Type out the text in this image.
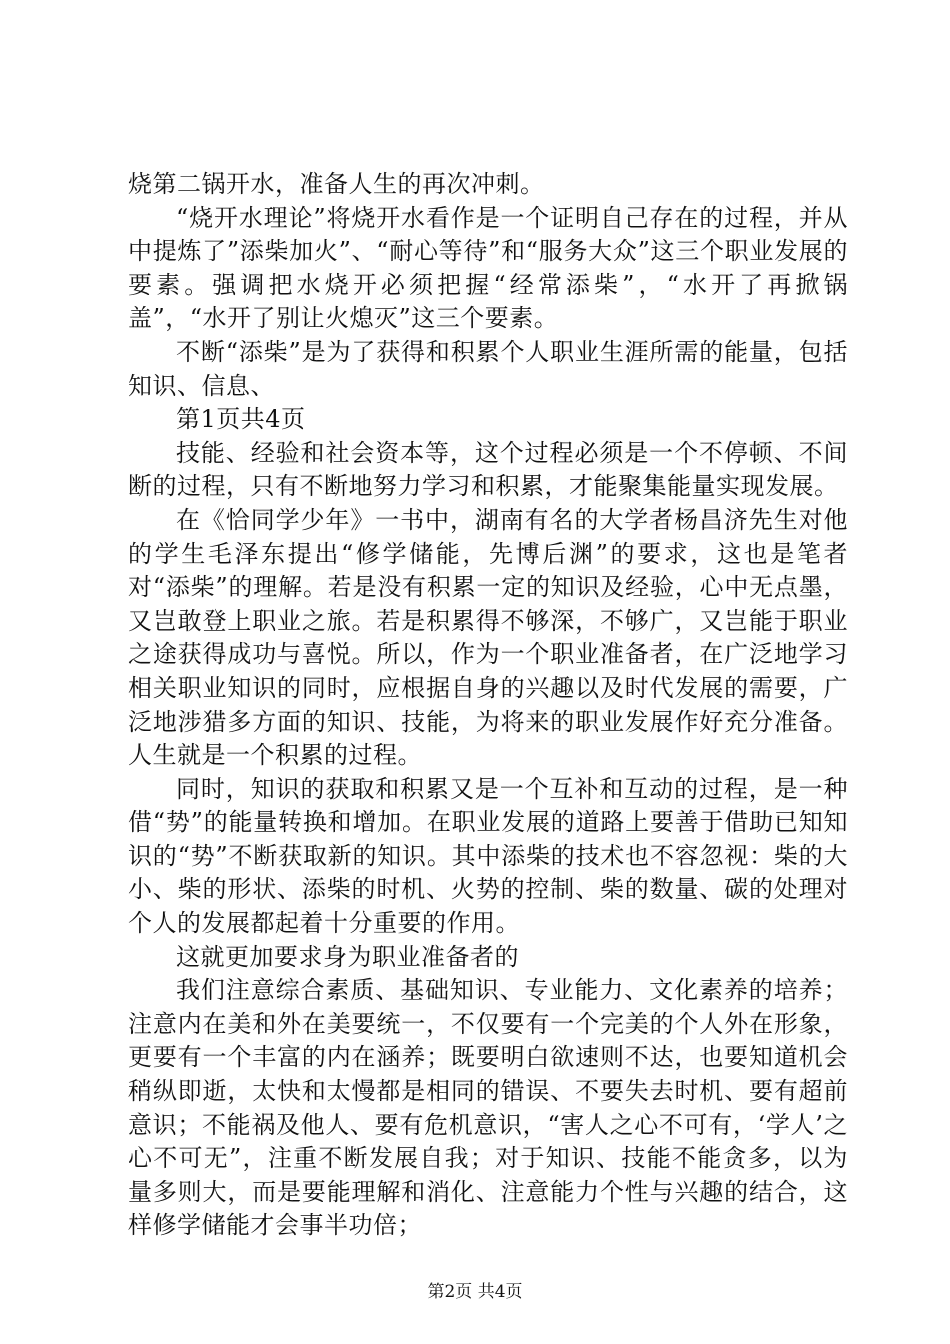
烧第二锅开水，准备人生的再次冲刺。

“烧开水理论”将烧开水看作是一个证明自己存在的过程，并从中提炼了”添柴加火”、“耐心等待”和“服务大众”这三个职业发展的要素。强调把水烧开必须把握“经常添柴”，“水开了再掀锅盖”，“水开了别让火熄灭”这三个要素。

不断“添柴”是为了获得和积累个人职业生涯所需的能量，包括知识、信息、

第1页共4页

技能、经验和社会资本等，这个过程必须是一个不停顿、不间断的过程，只有不断地努力学习和积累，才能聚集能量实现发展。

在《恰同学少年》一书中，湖南有名的大学者杨昌济先生对他的学生毛泽东提出“修学储能，先博后渊”的要求，这也是笔者对“添柴”的理解。若是没有积累一定的知识及经验，心中无点墨，又岂敢登上职业之旅。若是积累得不够深，不够广，又岂能于职业之途获得成功与喜悦。所以，作为一个职业准备者，在广泛地学习相关职业知识的同时，应根据自身的兴趣以及时代发展的需要，广泛地涉猎多方面的知识、技能，为将来的职业发展作好充分准备。人生就是一个积累的过程。

同时，知识的获取和积累又是一个互补和互动的过程，是一种借“势”的能量转换和增加。在职业发展的道路上要善于借助已知知识的“势”不断获取新的知识。其中添柴的技术也不容忽视：柴的大小、柴的形状、添柴的时机、火势的控制、柴的数量、碳的处理对个人的发展都起着十分重要的作用。

这就更加要求身为职业准备者的

我们注意综合素质、基础知识、专业能力、文化素养的培养；注意内在美和外在美要统一，不仅要有一个完美的个人外在形象，更要有一个丰富的内在涵养；既要明白欲速则不达，也要知道机会稍纵即逝，太快和太慢都是相同的错误、不要失去时机、要有超前意识；不能祸及他人、要有危机意识，“害人之心不可有，‘学人’之心不可无”，注重不断发展自我；对于知识、技能不能贪多，以为量多则大，而是要能理解和消化、注意能力个性与兴趣的结合，这样修学储能才会事半功倍；

第2页 共4页
